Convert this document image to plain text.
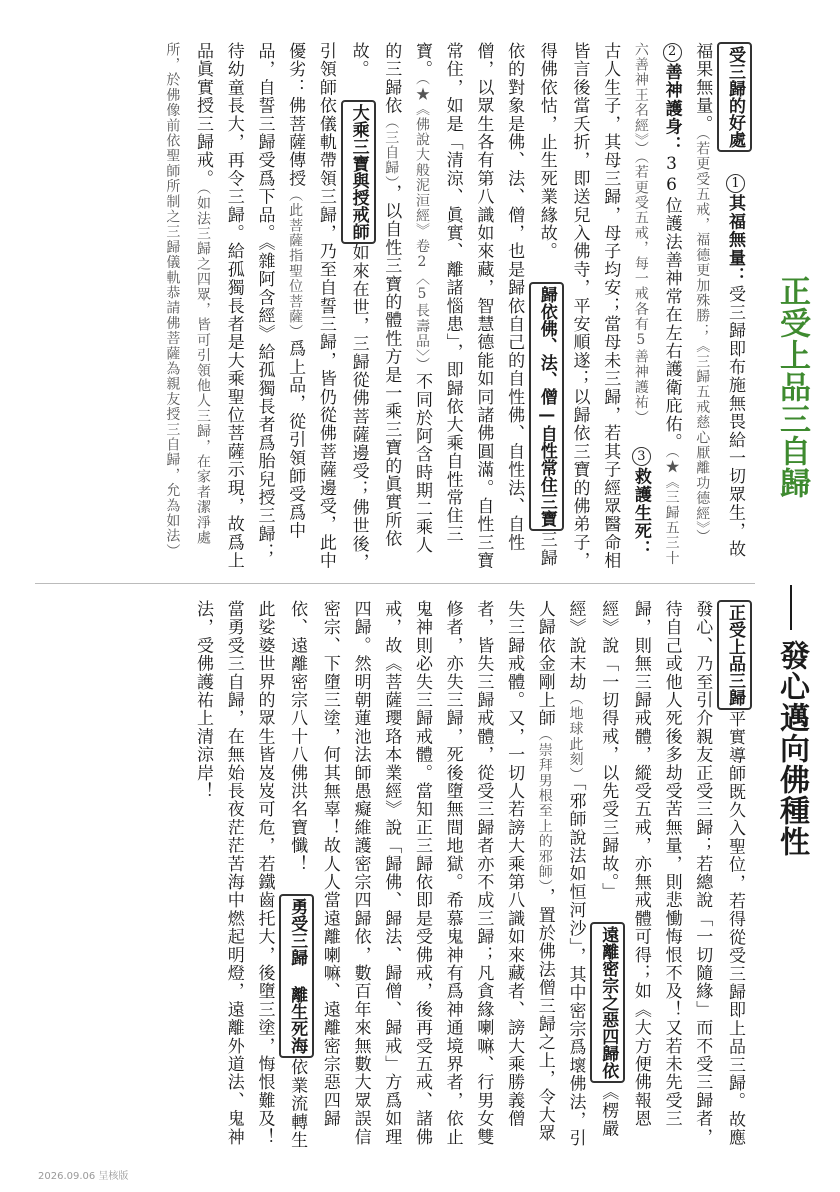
正受上品三自歸
發心邁向佛種性
受三歸的好處 1其福無量：受三歸即布施無畏給一切眾生，故福果無量。（若更受五戒，福德更加殊勝；《三歸五戒慈心厭離功德經》） 2善神護身：36位護法善神常在左右護衛庇佑。（★《三歸五三十六善神王名經》）（若更受五戒，每一戒各有5善神護祐） 3救護生死：古人生子，其母三歸，母子均安；當母未三歸，若其子經眾醫命相皆言後當夭折，即送兒入佛寺，平安順遂；以歸依三寶的佛弟子，得佛依怙，止生死業緣故。 歸依佛、法、僧—自性常住三寶三歸依的對象是佛、法、僧，也是歸依自己的自性佛、自性法、自性僧，以眾生各有第八識如來藏，智慧德能如同諸佛圓滿。自性三寶常住，如是「清涼、眞實、離諸惱患」，即歸依大乘自性常住三寶。（★《佛說大般泥洹經》卷2〈5長壽品〉）不同於阿含時期二乘人的三歸依（三自歸），以自性三寶的體性方是一乘三寶的眞實所依故。 大乘三寶與授戒師如來在世，三歸從佛菩薩邊受；佛世後，引領師依儀軌帶領三歸，乃至自誓三歸，皆仍從佛菩薩邊受，此中優劣：佛菩薩傳授（此菩薩指聖位菩薩）爲上品，從引領師受爲中品，自誓三歸受爲下品。《雜阿含經》給孤獨長者爲胎兒授三歸；待幼童長大，再令三歸。給孤獨長者是大乘聖位菩薩示現，故爲上品眞實授三歸戒。（如法三歸之四眾，皆可引領他人三歸，在家者潔淨處所，於佛像前依聖師所制之三歸儀軌恭請佛菩薩為親友授三自歸，允為如法）
正受上品三歸平實導師既久入聖位，若得從受三歸即上品三歸。故應發心、乃至引介親友正受三歸；若總說「一切隨緣」而不受三歸者，待自己或他人死後多劫受苦無量，則悲慟悔恨不及！又若未先受三歸，則無三歸戒體，縱受五戒，亦無戒體可得；如《大方便佛報恩經》說「一切得戒，以先受三歸故。」 遠離密宗之惡四歸依《楞嚴經》說末劫（地球此刻）「邪師說法如恒河沙」，其中密宗爲壞佛法，引人歸依金剛上師（崇拜男根至上的邪師），置於佛法僧三歸之上，令大眾失三歸戒體。又，一切人若謗大乘第八識如來藏者、謗大乘勝義僧者，皆失三歸戒體，從受三歸者亦不成三歸；凡貪緣喇嘛、行男女雙修者，亦失三歸，死後墮無間地獄。希慕鬼神有爲神通境界者，依止鬼神則必失三歸戒體。當知正三歸依即是受佛戒，後再受五戒、諸佛戒，故《菩薩瓔珞本業經》說「歸佛、歸法、歸僧、歸戒」方爲如理四歸。然明朝蓮池法師愚癡維護密宗四歸依，數百年來無數大眾誤信密宗、下墮三塗，何其無辜！故人人當遠離喇嘛、遠離密宗惡四歸依、遠離密宗八十八佛洪名寶懺！ 勇受三歸 離生死海依業流轉生此娑婆世界的眾生皆岌岌可危，若鐵齒托大，後墮三塗，悔恨難及！當勇受三自歸，在無始長夜茫茫苦海中燃起明燈，遠離外道法、鬼神法，受佛護祐上清涼岸！
2026.09.06 呈核版
